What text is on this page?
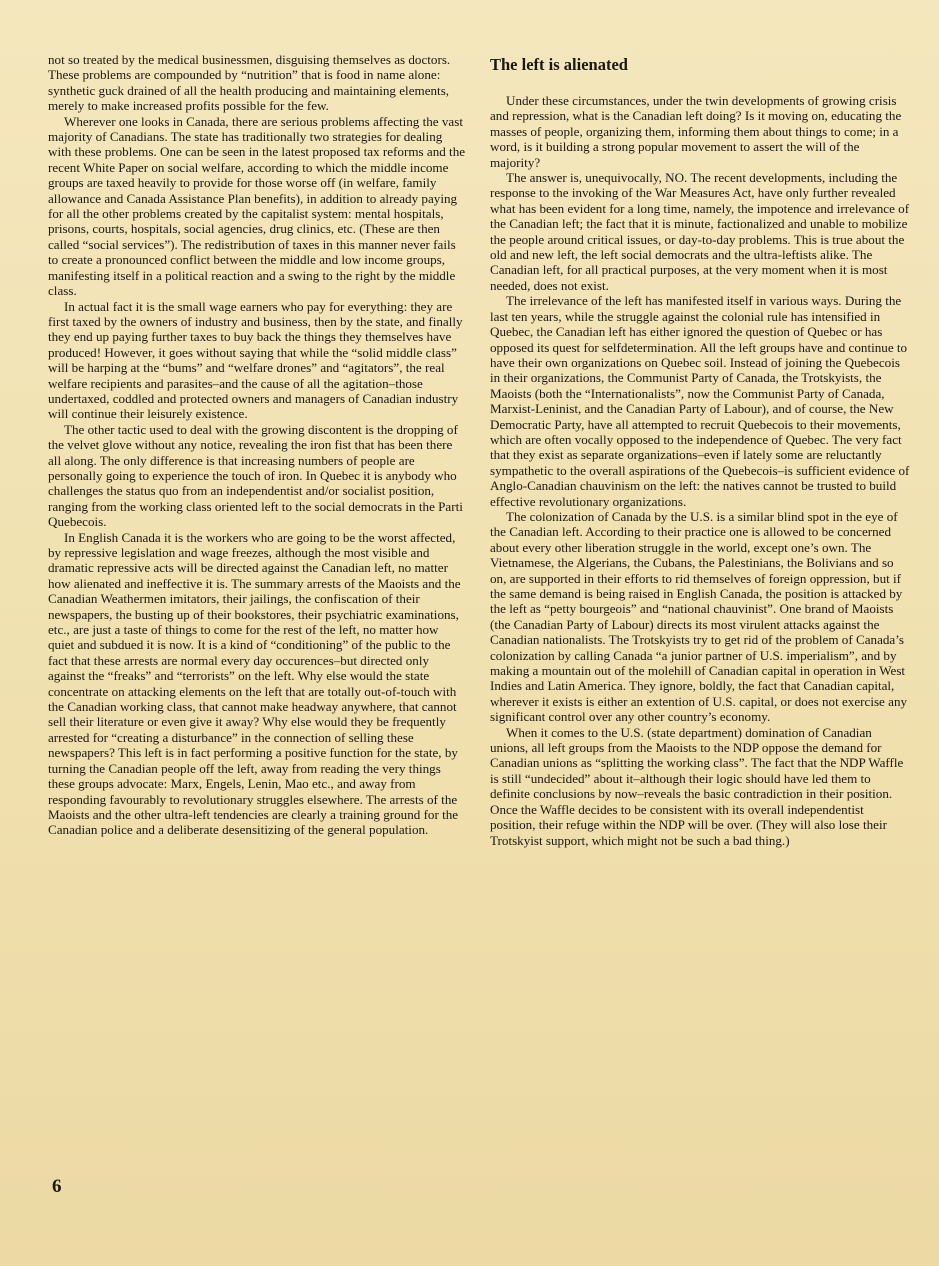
not so treated by the medical businessmen, disguising themselves as doctors. These problems are compounded by “nutrition” that is food in name alone: synthetic guck drained of all the health producing and maintaining elements, merely to make increased profits possible for the few.

Wherever one looks in Canada, there are serious problems affecting the vast majority of Canadians. The state has traditionally two strategies for dealing with these problems. One can be seen in the latest proposed tax reforms and the recent White Paper on social welfare, according to which the middle income groups are taxed heavily to provide for those worse off (in welfare, family allowance and Canada Assistance Plan benefits), in addition to already paying for all the other problems created by the capitalist system: mental hospitals, prisons, courts, hospitals, social agencies, drug clinics, etc. (These are then called “social services”). The redistribution of taxes in this manner never fails to create a pronounced conflict between the middle and low income groups, manifesting itself in a political reaction and a swing to the right by the middle class.

In actual fact it is the small wage earners who pay for everything: they are first taxed by the owners of industry and business, then by the state, and finally they end up paying further taxes to buy back the things they themselves have produced! However, it goes without saying that while the “solid middle class” will be harping at the “bums” and “welfare drones” and “agitators”, the real welfare recipients and parasites–and the cause of all the agitation–those undertaxed, coddled and protected owners and managers of Canadian industry will continue their leisurely existence.

The other tactic used to deal with the growing discontent is the dropping of the velvet glove without any notice, revealing the iron fist that has been there all along. The only difference is that increasing numbers of people are personally going to experience the touch of iron. In Quebec it is anybody who challenges the status quo from an independentist and/or socialist position, ranging from the working class oriented left to the social democrats in the Parti Quebecois.

In English Canada it is the workers who are going to be the worst affected, by repressive legislation and wage freezes, although the most visible and dramatic repressive acts will be directed against the Canadian left, no matter how alienated and ineffective it is. The summary arrests of the Maoists and the Canadian Weathermen imitators, their jailings, the confiscation of their newspapers, the busting up of their bookstores, their psychiatric examinations, etc., are just a taste of things to come for the rest of the left, no matter how quiet and subdued it is now. It is a kind of “conditioning” of the public to the fact that these arrests are normal every day occurences–but directed only against the “freaks” and “terrorists” on the left. Why else would the state concentrate on attacking elements on the left that are totally out-of-touch with the Canadian working class, that cannot make headway anywhere, that cannot sell their literature or even give it away? Why else would they be frequently arrested for “creating a disturbance” in the connection of selling these newspapers? This left is in fact performing a positive function for the state, by turning the Canadian people off the left, away from reading the very things these groups advocate: Marx, Engels, Lenin, Mao etc., and away from responding favourably to revolutionary struggles elsewhere. The arrests of the Maoists and the other ultra-left tendencies are clearly a training ground for the Canadian police and a deliberate desensitizing of the general population.

The left is alienated

Under these circumstances, under the twin developments of growing crisis and repression, what is the Canadian left doing? Is it moving on, educating the masses of people, organizing them, informing them about things to come; in a word, is it building a strong popular movement to assert the will of the majority?

The answer is, unequivocally, NO. The recent developments, including the response to the invoking of the War Measures Act, have only further revealed what has been evident for a long time, namely, the impotence and irrelevance of the Canadian left; the fact that it is minute, factionalized and unable to mobilize the people around critical issues, or day-to-day problems. This is true about the old and new left, the left social democrats and the ultra-leftists alike. The Canadian left, for all practical purposes, at the very moment when it is most needed, does not exist.

The irrelevance of the left has manifested itself in various ways. During the last ten years, while the struggle against the colonial rule has intensified in Quebec, the Canadian left has either ignored the question of Quebec or has opposed its quest for selfdetermination. All the left groups have and continue to have their own organizations on Quebec soil. Instead of joining the Quebecois in their organizations, the Communist Party of Canada, the Trotskyists, the Maoists (both the “Internationalists”, now the Communist Party of Canada, Marxist-Leninist, and the Canadian Party of Labour), and of course, the New Democratic Party, have all attempted to recruit Quebecois to their movements, which are often vocally opposed to the independence of Quebec. The very fact that they exist as separate organizations–even if lately some are reluctantly sympathetic to the overall aspirations of the Quebecois–is sufficient evidence of Anglo-Canadian chauvinism on the left: the natives cannot be trusted to build effective revolutionary organizations.

The colonization of Canada by the U.S. is a similar blind spot in the eye of the Canadian left. According to their practice one is allowed to be concerned about every other liberation struggle in the world, except one’s own. The Vietnamese, the Algerians, the Cubans, the Palestinians, the Bolivians and so on, are supported in their efforts to rid themselves of foreign oppression, but if the same demand is being raised in English Canada, the position is attacked by the left as “petty bourgeois” and “national chauvinist”. One brand of Maoists (the Canadian Party of Labour) directs its most virulent attacks against the Canadian nationalists. The Trotskyists try to get rid of the problem of Canada’s colonization by calling Canada “a junior partner of U.S. imperialism”, and by making a mountain out of the molehill of Canadian capital in operation in West Indies and Latin America. They ignore, boldly, the fact that Canadian capital, wherever it exists is either an extention of U.S. capital, or does not exercise any significant control over any other country’s economy.

When it comes to the U.S. (state department) domination of Canadian unions, all left groups from the Maoists to the NDP oppose the demand for Canadian unions as “splitting the working class”. The fact that the NDP Waffle is still “undecided” about it–although their logic should have led them to definite conclusions by now–reveals the basic contradiction in their position. Once the Waffle decides to be consistent with its overall independentist position, their refuge within the NDP will be over. (They will also lose their Trotskyist support, which might not be such a bad thing.)

6
